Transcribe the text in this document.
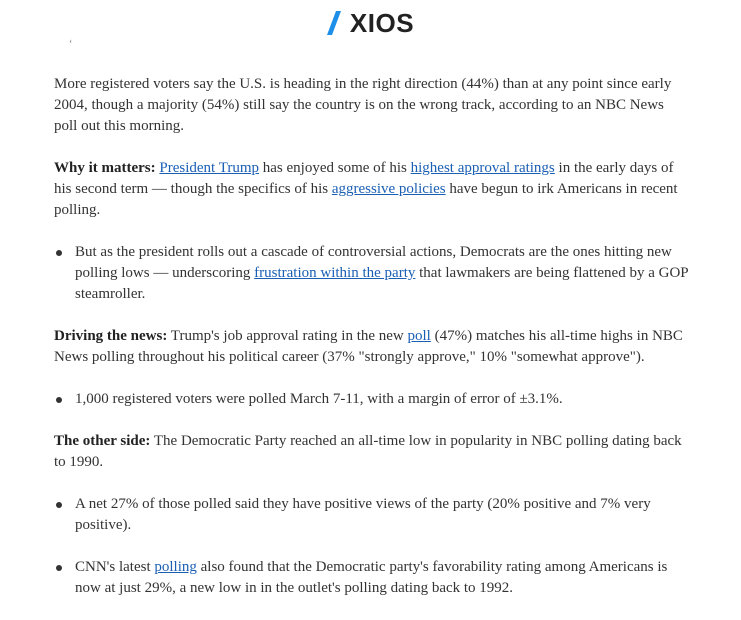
XIOS
‘

More registered voters say the U.S. is heading in the right direction (44%) than at any point since early 2004, though a majority (54%) still say the country is on the wrong track, according to an NBC News poll out this morning.

Why it matters: President Trump has enjoyed some of his highest approval ratings in the early days of his second term — though the specifics of his aggressive policies have begun to irk Americans in recent polling.

But as the president rolls out a cascade of controversial actions, Democrats are the ones hitting new polling lows — underscoring frustration within the party that lawmakers are being flattened by a GOP steamroller.

Driving the news: Trump's job approval rating in the new poll (47%) matches his all-time highs in NBC News polling throughout his political career (37% "strongly approve," 10% "somewhat approve").

1,000 registered voters were polled March 7-11, with a margin of error of ±3.1%.

The other side: The Democratic Party reached an all-time low in popularity in NBC polling dating back to 1990.

A net 27% of those polled said they have positive views of the party (20% positive and 7% very positive).
CNN's latest polling also found that the Democratic party's favorability rating among Americans is now at just 29%, a new low in in the outlet's polling dating back to 1992.
